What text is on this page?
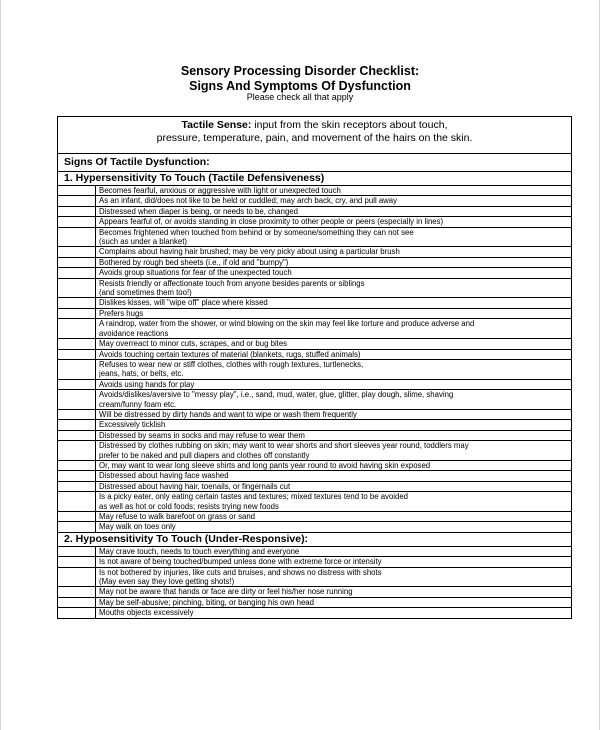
Sensory Processing Disorder Checklist:
Signs And Symptoms Of Dysfunction
Please check all that apply
Tactile Sense: input from the skin receptors about touch,
pressure, temperature, pain, and movement of the hairs on the skin.	
Signs Of Tactile Dysfunction:	
1. Hypersensitivity To Touch (Tactile Defensiveness)	
	Becomes fearful, anxious or aggressive with light or unexpected touch
	As an infant, did/does not like to be held or cuddled; may arch back, cry, and pull away
	Distressed when diaper is being, or needs to be, changed
	Appears fearful of, or avoids standing in close proximity to other people or peers (especially in lines)
	Becomes frightened when touched from behind or by someone/something they can not see
(such as under a blanket)
	Complains about having hair brushed; may be very picky about using a particular brush
	Bothered by rough bed sheets (i.e., if old and "bumpy")
	Avoids group situations for fear of the unexpected touch
	Resists friendly or affectionate touch from anyone besides parents or siblings
(and sometimes them too!)
	Dislikes kisses, will "wipe off" place where kissed
	Prefers hugs
	A raindrop, water from the shower, or wind blowing on the skin may feel like torture and produce adverse and
avoidance reactions
	May overreact to minor cuts, scrapes, and or bug bites
	Avoids touching certain textures of material (blankets, rugs, stuffed animals)
	Refuses to wear new or stiff clothes, clothes with rough textures, turtlenecks,
jeans, hats, or belts, etc.
	Avoids using hands for play
	Avoids/dislikes/aversive to "messy play", i.e., sand, mud, water, glue, glitter, play dough, slime, shaving
cream/funny foam etc.
	Will be distressed by dirty hands and want to wipe or wash them frequently
	Excessively ticklish
	Distressed by seams in socks and may refuse to wear them
	Distressed by clothes rubbing on skin; may want to wear shorts and short sleeves year round, toddlers may
prefer to be naked and pull diapers and clothes off constantly
	Or, may want to wear long sleeve shirts and long pants year round to avoid having skin exposed
	Distressed about having face washed
	Distressed about having hair, toenails, or fingernails cut
	Is a picky eater, only eating certain tastes and textures; mixed textures tend to be avoided
as well as hot or cold foods; resists trying new foods
	May refuse to walk barefoot on grass or sand
	May walk on toes only
2. Hyposensitivity To Touch (Under-Responsive):	
	May crave touch, needs to touch everything and everyone
	Is not aware of being touched/bumped unless done with extreme force or intensity
	Is not bothered by injuries, like cuts and bruises, and shows no distress with shots
(May even say they love getting shots!)
	May not be aware that hands or face are dirty or feel his/her nose running
	May be self-abusive; pinching, biting, or banging his own head
	Mouths objects excessively
